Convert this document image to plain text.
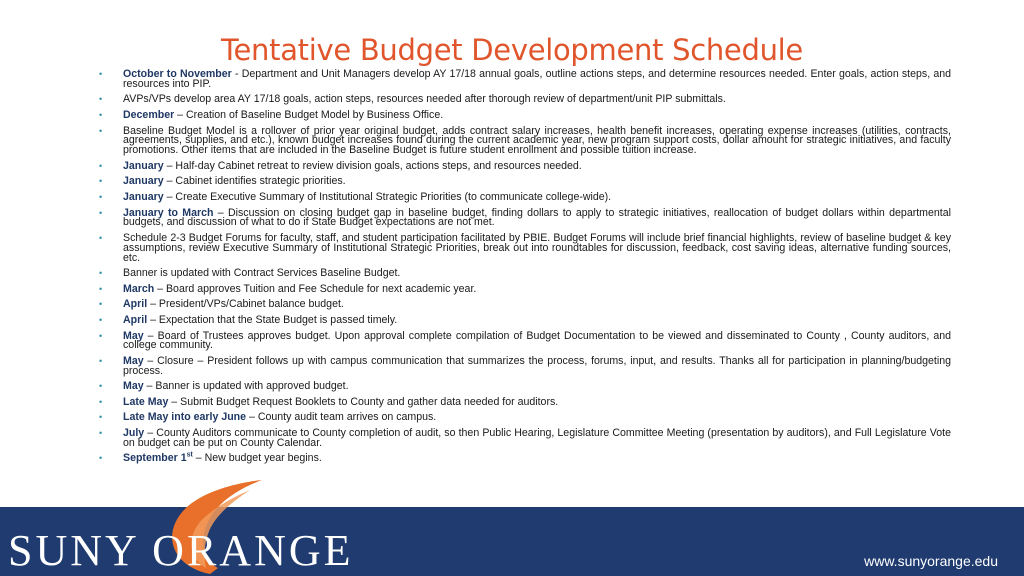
Tentative Budget Development Schedule
• October to November - Department and Unit Managers develop AY 17/18 annual goals, outline actions steps, and determine resources needed. Enter goals, action steps, and resources into PIP.
• AVPs/VPs develop area AY 17/18 goals, action steps, resources needed after thorough review of department/unit PIP submittals.
• December – Creation of Baseline Budget Model by Business Office.
• Baseline Budget Model is a rollover of prior year original budget, adds contract salary increases, health benefit increases, operating expense increases (utilities, contracts, agreements, supplies, and etc.), known budget increases found during the current academic year, new program support costs, dollar amount for strategic initiatives, and faculty promotions. Other items that are included in the Baseline Budget is future student enrollment and possible tuition increase.
• January – Half-day Cabinet retreat to review division goals, actions steps, and resources needed.
• January – Cabinet identifies strategic priorities.
• January – Create Executive Summary of Institutional Strategic Priorities (to communicate college-wide).
• January to March – Discussion on closing budget gap in baseline budget, finding dollars to apply to strategic initiatives, reallocation of budget dollars within departmental budgets, and discussion of what to do if State Budget expectations are not met.
• Schedule 2-3 Budget Forums for faculty, staff, and student participation facilitated by PBIE. Budget Forums will include brief financial highlights, review of baseline budget & key assumptions, review Executive Summary of Institutional Strategic Priorities, break out into roundtables for discussion, feedback, cost saving ideas, alternative funding sources, etc.
• Banner is updated with Contract Services Baseline Budget.
• March – Board approves Tuition and Fee Schedule for next academic year.
• April – President/VPs/Cabinet balance budget.
• April – Expectation that the State Budget is passed timely.
• May – Board of Trustees approves budget. Upon approval complete compilation of Budget Documentation to be viewed and disseminated to County , County auditors, and college community.
• May – Closure – President follows up with campus communication that summarizes the process, forums, input, and results. Thanks all for participation in planning/budgeting process.
• May – Banner is updated with approved budget.
• Late May – Submit Budget Request Booklets to County and gather data needed for auditors.
• Late May into early June – County audit team arrives on campus.
• July – County Auditors communicate to County completion of audit, so then Public Hearing, Legislature Committee Meeting (presentation by auditors), and Full Legislature Vote on budget can be put on County Calendar.
• September 1st – New budget year begins.
SUNY ORANGE	www.sunyorange.edu
